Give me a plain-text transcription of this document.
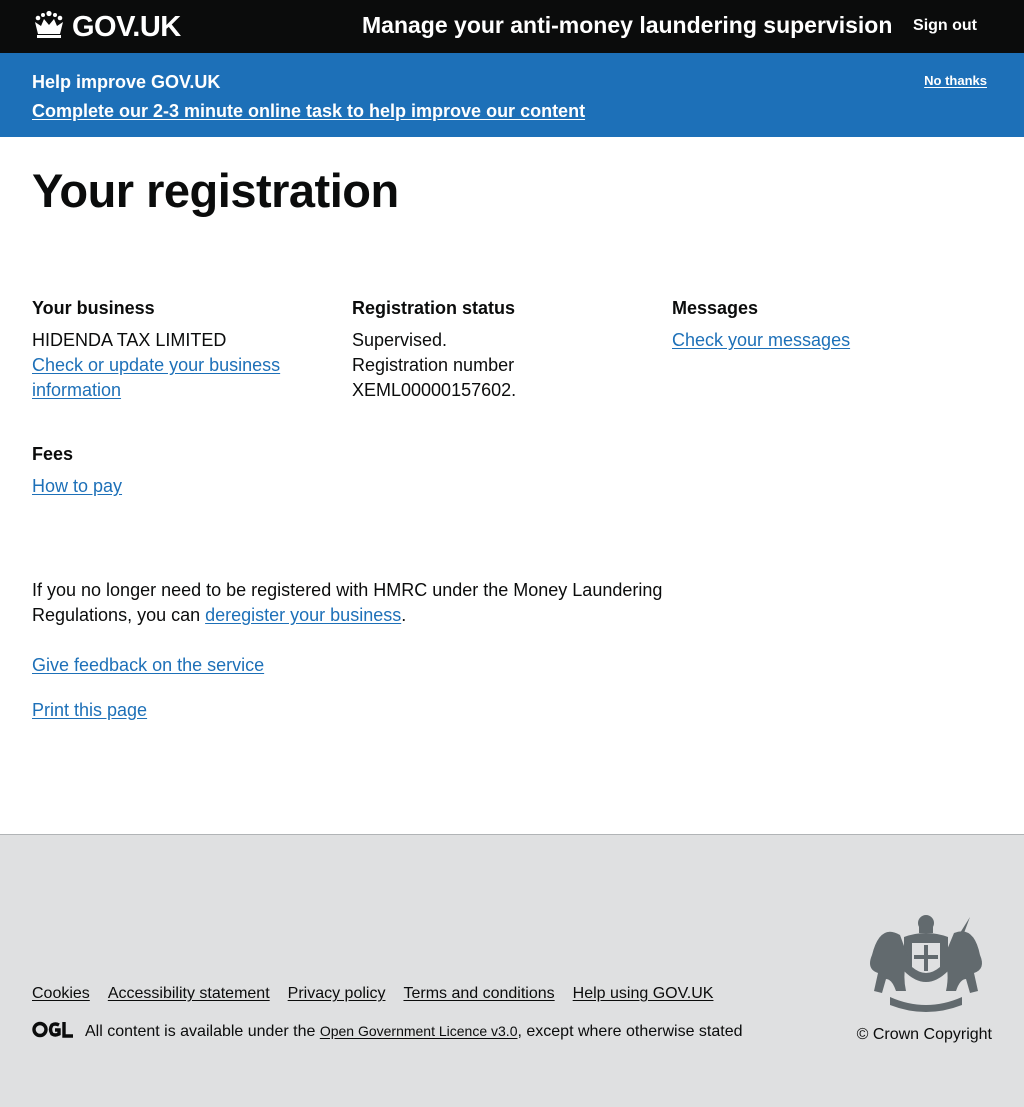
GOV.UK	Manage your anti-money laundering supervision Sign out
Help improve GOV.UK
Complete our 2-3 minute online task to help improve our content
No thanks
Your registration
Your business

HIDENDA TAX LIMITED

Check or update your business information
Registration status

Supervised.

Registration number

XEML00000157602.

Messages
Check your messages
Fees
How to pay

If you no longer need to be registered with HMRC under the Money Laundering Regulations, you can deregister your business.

Give feedback on the service
Print this page
Cookies Accessibility statement Privacy policy Terms and conditions Help using GOV.UK
All content is available under the Open Government Licence v3.0, except where otherwise stated	© Crown Copyright
